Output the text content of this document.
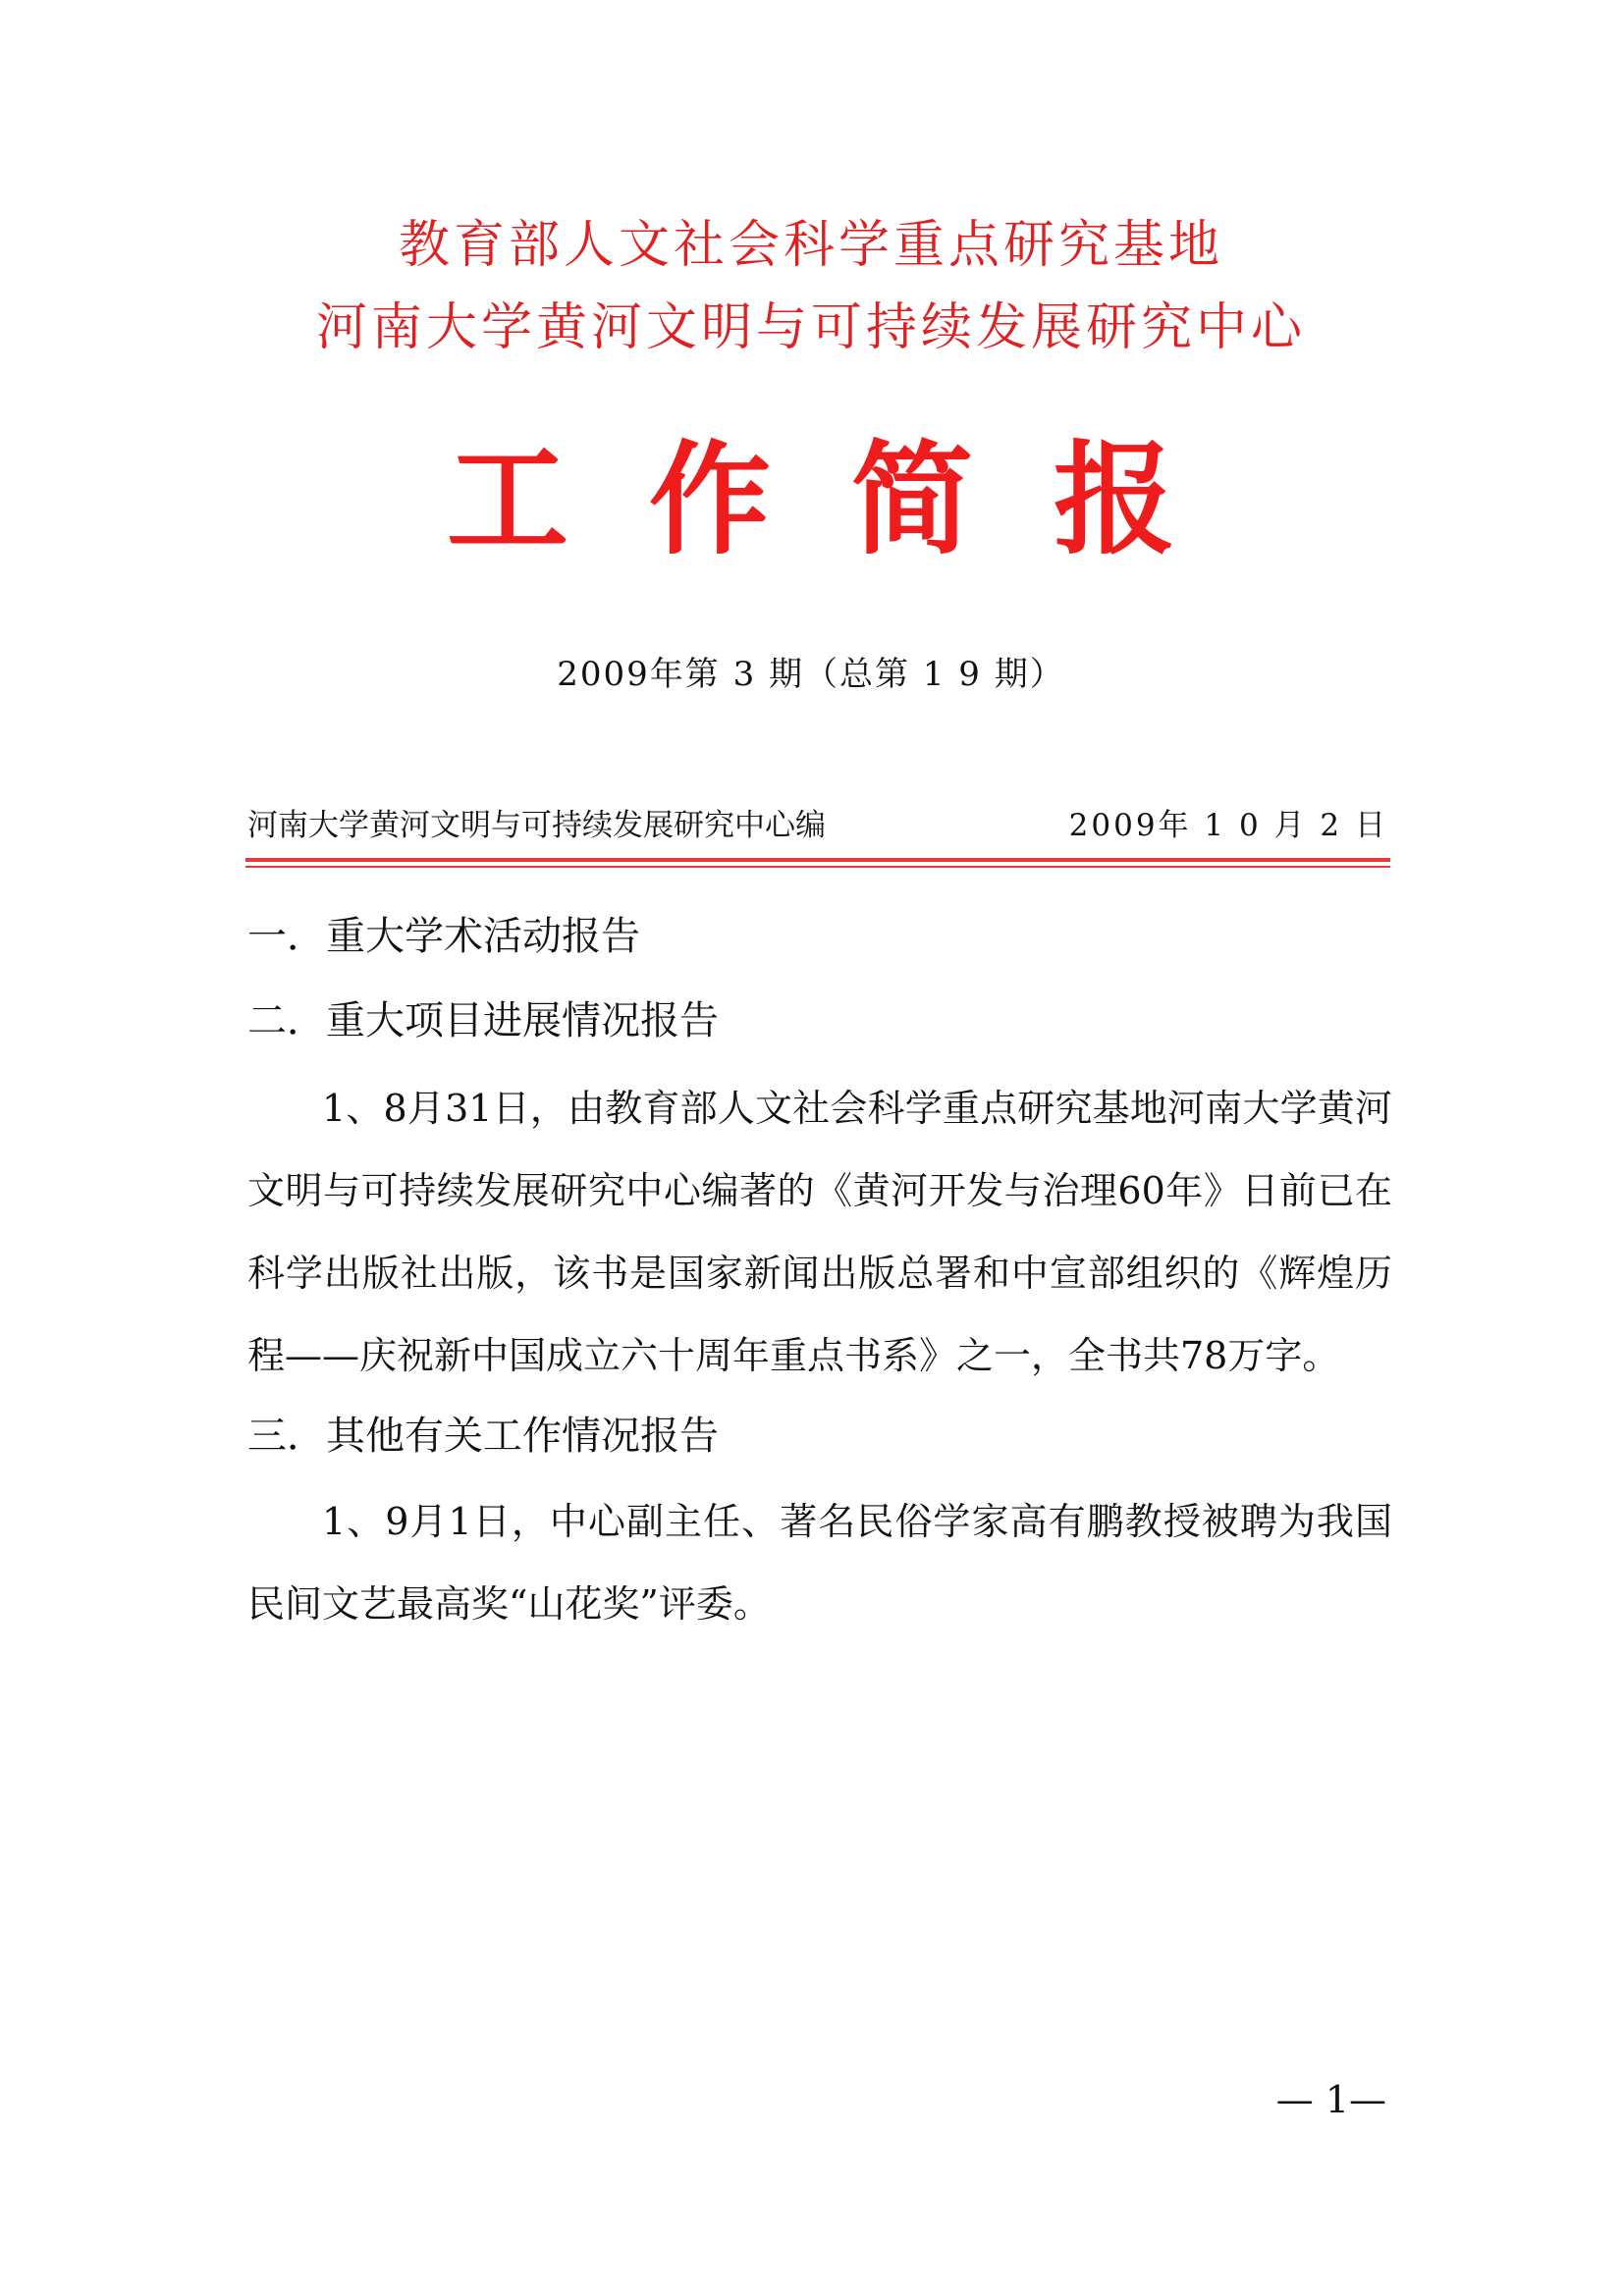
教育部人文社会科学重点研究基地
河南大学黄河文明与可持续发展研究中心
工作简报
2009年第 3 期（总第 1 9 期）
河南大学黄河文明与可持续发展研究中心编	2009年 1 0 月 2 日
一．重大学术活动报告
二．重大项目进展情况报告

1、8月31日，由教育部人文社会科学重点研究基地河南大学黄河文明与可持续发展研究中心编著的《黄河开发与治理60年》日前已在科学出版社出版，该书是国家新闻出版总署和中宣部组织的《辉煌历程——庆祝新中国成立六十周年重点书系》之一，全书共78万字。

三．其他有关工作情况报告

1、9月1日，中心副主任、著名民俗学家高有鹏教授被聘为我国民间文艺最高奖“山花奖”评委。

— 1—
